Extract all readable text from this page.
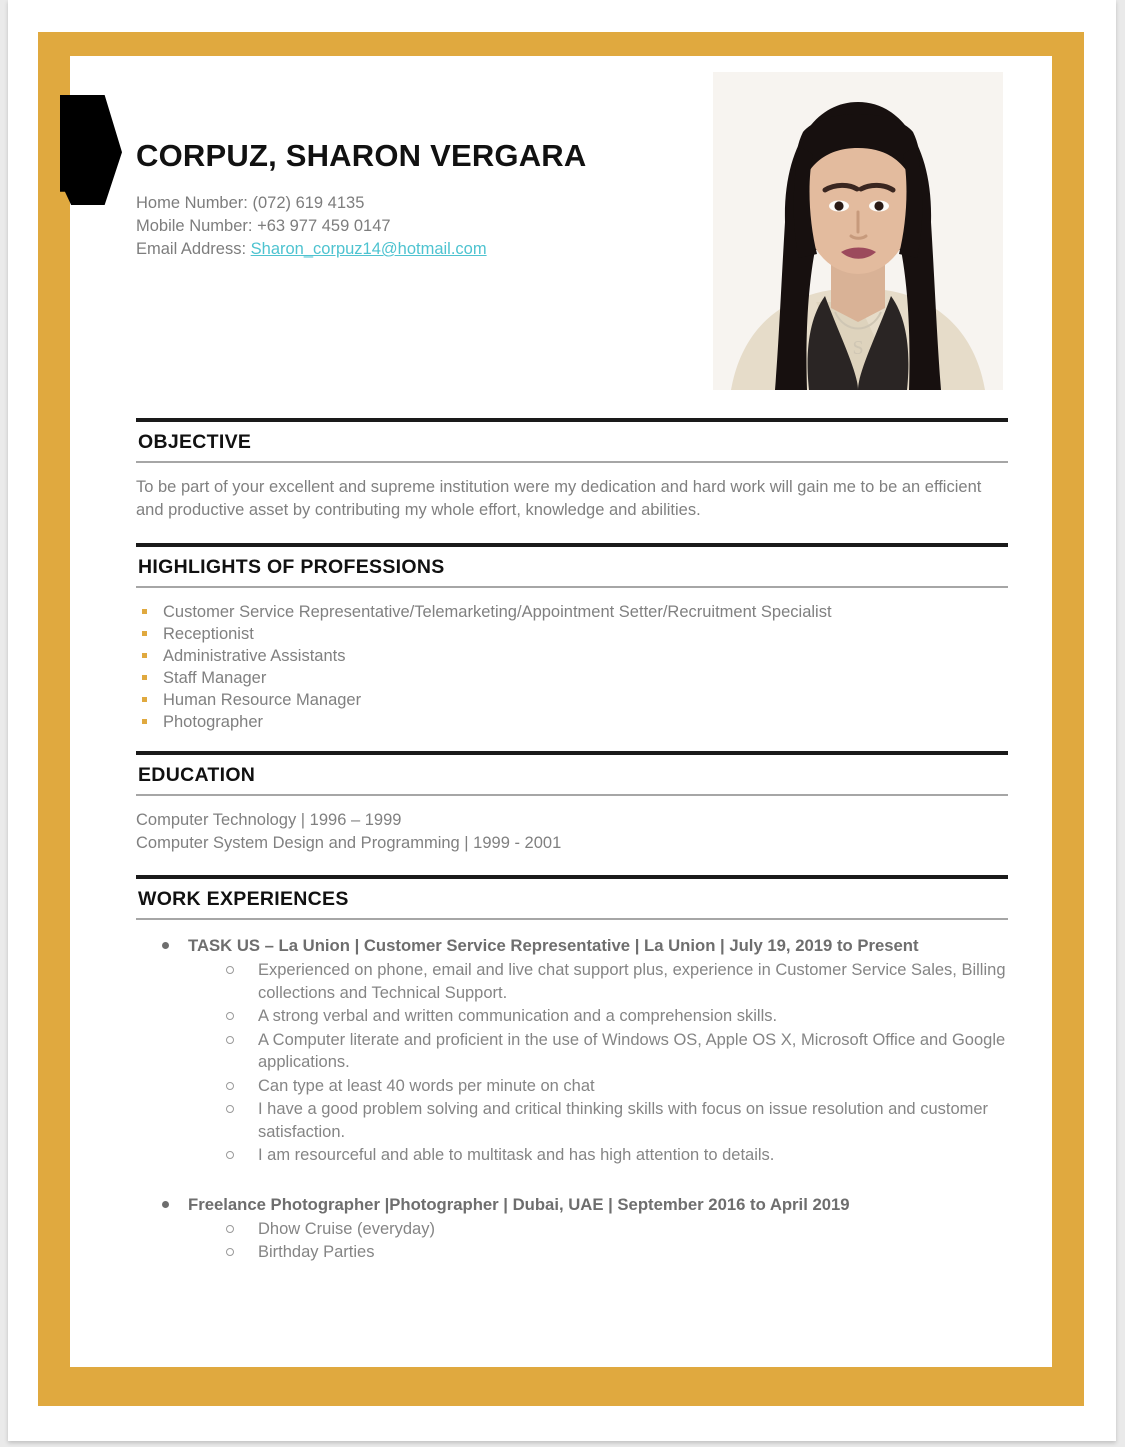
CORPUZ, SHARON VERGARA
Home Number: (072) 619 4135
Mobile Number: +63 977 459 0147
Email Address: Sharon_corpuz14@hotmail.com
S
OBJECTIVE

To be part of your excellent and supreme institution were my dedication and hard work will gain me to be an efficient and productive asset by contributing my whole effort, knowledge and abilities.

HIGHLIGHTS OF PROFESSIONS
Customer Service Representative/Telemarketing/Appointment Setter/Recruitment Specialist
Receptionist
Administrative Assistants
Staff Manager
Human Resource Manager
Photographer
EDUCATION
Computer Technology | 1996 – 1999
Computer System Design and Programming | 1999 - 2001
WORK EXPERIENCES
TASK US – La Union | Customer Service Representative | La Union | July 19, 2019 to Present
Experienced on phone, email and live chat support plus, experience in Customer Service Sales, Billing collections and Technical Support.
A strong verbal and written communication and a comprehension skills.
A Computer literate and proficient in the use of Windows OS, Apple OS X, Microsoft Office and Google applications.
Can type at least 40 words per minute on chat
I have a good problem solving and critical thinking skills with focus on issue resolution and customer satisfaction.
I am resourceful and able to multitask and has high attention to details.
Freelance Photographer |Photographer | Dubai, UAE | September 2016 to April 2019
Dhow Cruise (everyday)
Birthday Parties
